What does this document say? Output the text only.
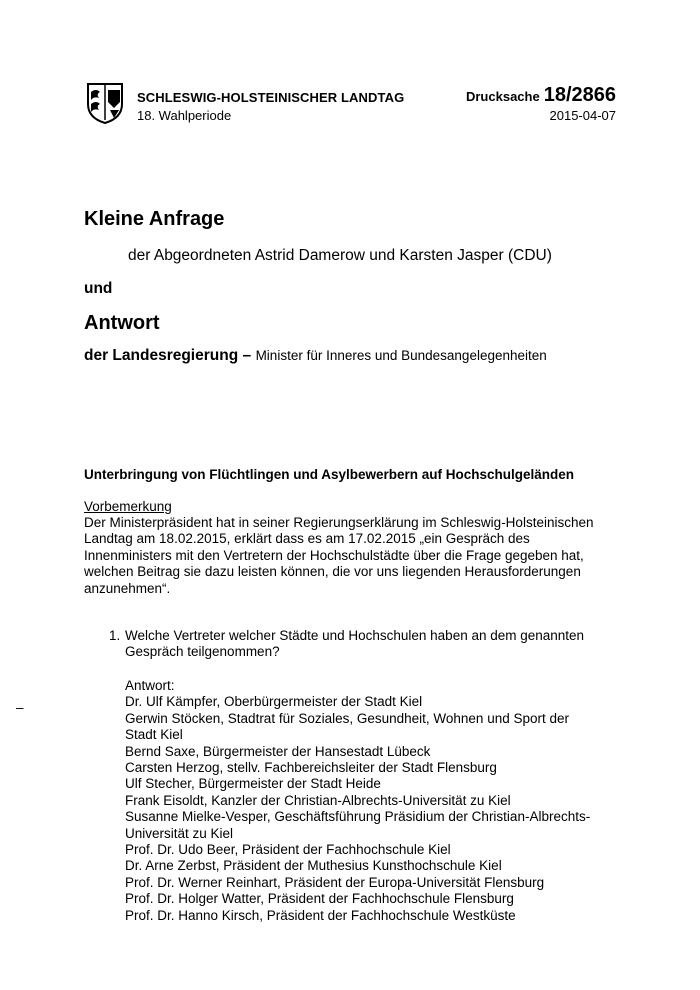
SCHLESWIG-HOLSTEINISCHER LANDTAG
18. Wahlperiode
Drucksache 18/2866
2015-04-07
Kleine Anfrage
der Abgeordneten Astrid Damerow und Karsten Jasper (CDU)
und
Antwort
der Landesregierung – Minister für Inneres und Bundesangelegenheiten
Unterbringung von Flüchtlingen und Asylbewerbern auf Hochschulgeländen
Vorbemerkung
Der Ministerpräsident hat in seiner Regierungserklärung im Schleswig-Holsteinischen
Landtag am 18.02.2015, erklärt dass es am 17.02.2015 „ein Gespräch des
Innenministers mit den Vertretern der Hochschulstädte über die Frage gegeben hat,
welchen Beitrag sie dazu leisten können, die vor uns liegenden Herausforderungen
anzunehmen“.
1. Welche Vertreter welcher Städte und Hochschulen haben an dem genannten
Gespräch teilgenommen?
Antwort:
Dr. Ulf Kämpfer, Oberbürgermeister der Stadt Kiel
Gerwin Stöcken, Stadtrat für Soziales, Gesundheit, Wohnen und Sport der
Stadt Kiel
Bernd Saxe, Bürgermeister der Hansestadt Lübeck
Carsten Herzog, stellv. Fachbereichsleiter der Stadt Flensburg
Ulf Stecher, Bürgermeister der Stadt Heide
Frank Eisoldt, Kanzler der Christian-Albrechts-Universität zu Kiel
Susanne Mielke-Vesper, Geschäftsführung Präsidium der Christian-Albrechts-
Universität zu Kiel
Prof. Dr. Udo Beer, Präsident der Fachhochschule Kiel
Dr. Arne Zerbst, Präsident der Muthesius Kunsthochschule Kiel
Prof. Dr. Werner Reinhart, Präsident der Europa-Universität Flensburg
Prof. Dr. Holger Watter, Präsident der Fachhochschule Flensburg
Prof. Dr. Hanno Kirsch, Präsident der Fachhochschule Westküste
–
